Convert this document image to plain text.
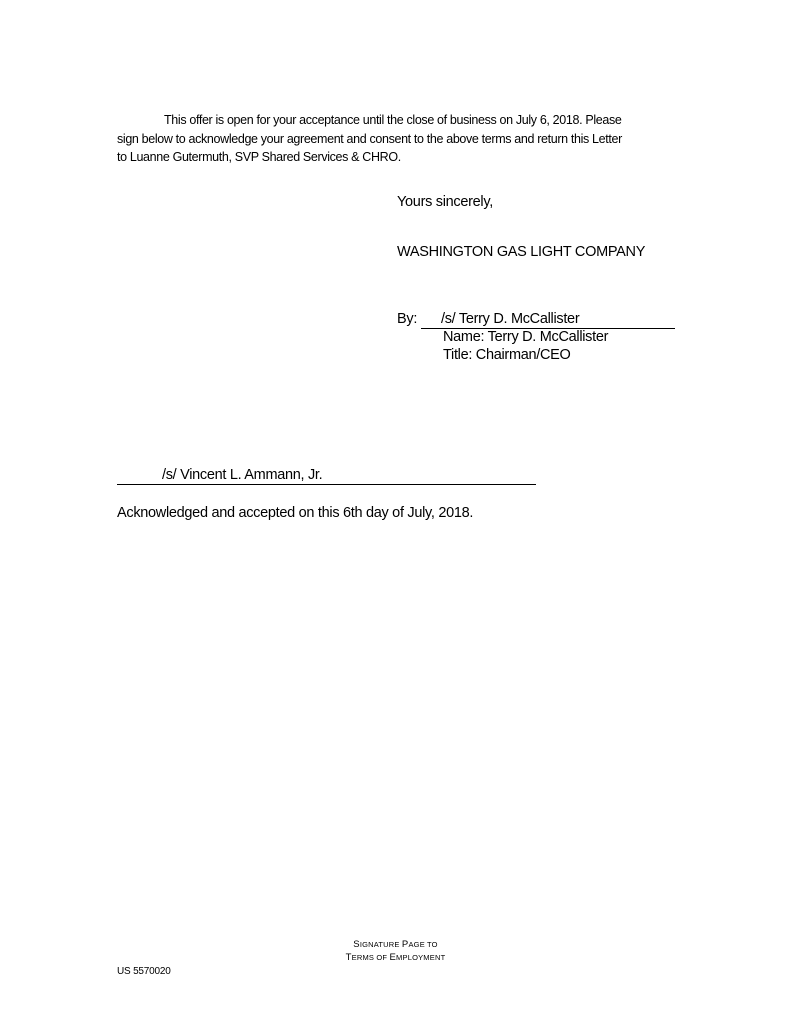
This offer is open for your acceptance until the close of business on July 6, 2018. Please
sign below to acknowledge your agreement and consent to the above terms and return this Letter
to Luanne Gutermuth, SVP Shared Services & CHRO.
Yours sincerely,
WASHINGTON GAS LIGHT COMPANY
By: /s/ Terry D. McCallister
Name: Terry D. McCallister
Title: Chairman/CEO
/s/ Vincent L. Ammann, Jr.
Acknowledged and accepted on this 6th day of July, 2018.
SIGNATURE PAGE TO
TERMS OF EMPLOYMENT
US 5570020
